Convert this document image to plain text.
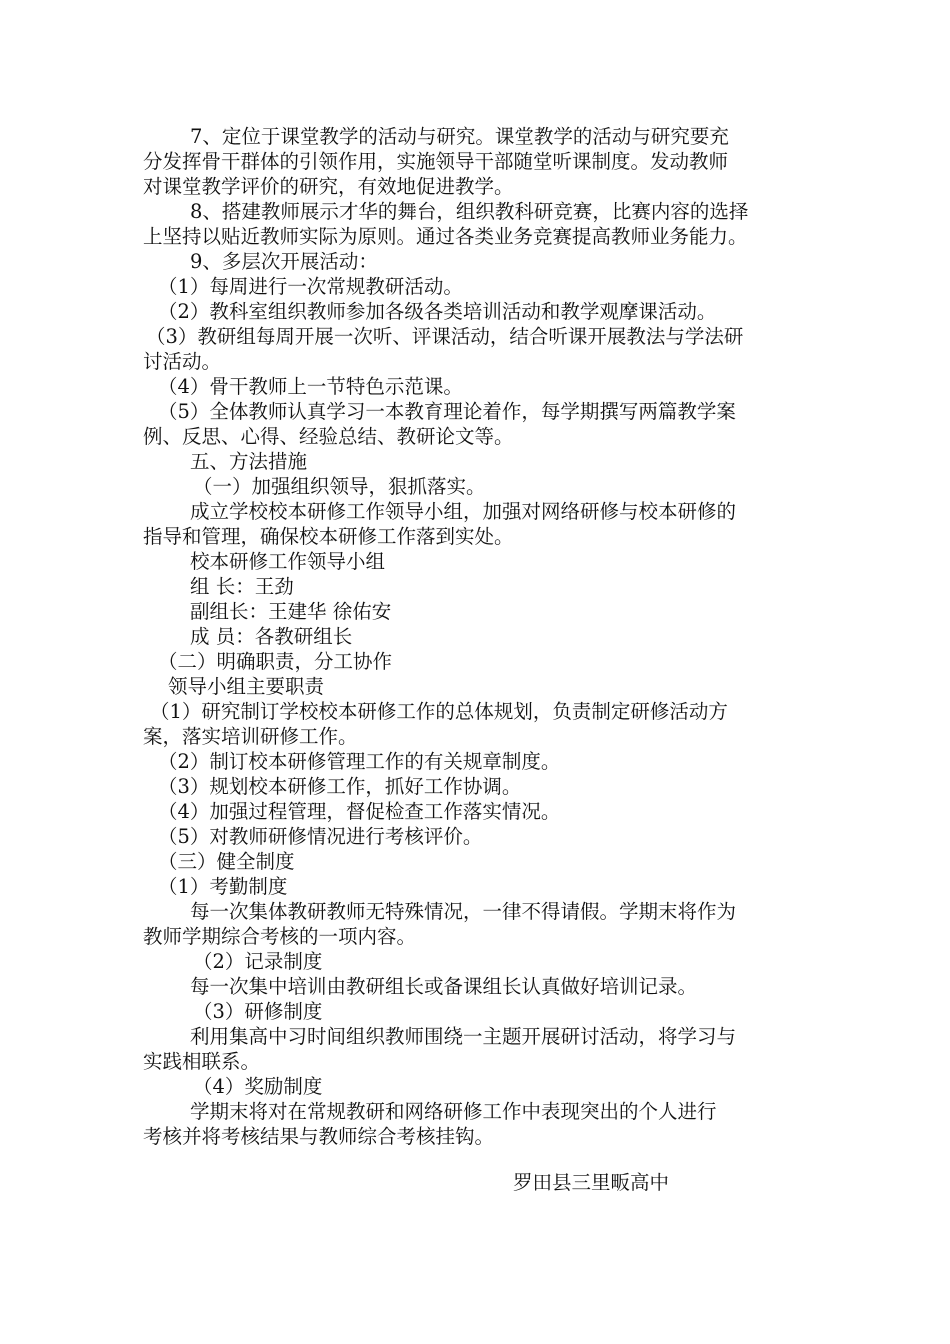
7、定位于课堂教学的活动与研究。课堂教学的活动与研究要充
分发挥骨干群体的引领作用，实施领导干部随堂听课制度。发动教师
对课堂教学评价的研究，有效地促进教学。
8、搭建教师展示才华的舞台，组织教科研竞赛，比赛内容的选择
上坚持以贴近教师实际为原则。通过各类业务竞赛提高教师业务能力。
9、多层次开展活动：
（1）每周进行一次常规教研活动。
（2）教科室组织教师参加各级各类培训活动和教学观摩课活动。
（3）教研组每周开展一次听、评课活动，结合听课开展教法与学法研
讨活动。
（4）骨干教师上一节特色示范课。
（5）全体教师认真学习一本教育理论着作，每学期撰写两篇教学案
例、反思、心得、经验总结、教研论文等。
五、方法措施
（一）加强组织领导，狠抓落实。
成立学校校本研修工作领导小组，加强对网络研修与校本研修的
指导和管理，确保校本研修工作落到实处。
校本研修工作领导小组
组 长：王劲
副组长：王建华 徐佑安
成 员：各教研组长
（二）明确职责，分工协作
领导小组主要职责
（1）研究制订学校校本研修工作的总体规划，负责制定研修活动方
案，落实培训研修工作。
（2）制订校本研修管理工作的有关规章制度。
（3）规划校本研修工作，抓好工作协调。
（4）加强过程管理，督促检查工作落实情况。
（5）对教师研修情况进行考核评价。
（三）健全制度
（1）考勤制度
每一次集体教研教师无特殊情况，一律不得请假。学期末将作为
教师学期综合考核的一项内容。
（2）记录制度
每一次集中培训由教研组长或备课组长认真做好培训记录。
（3）研修制度
利用集高中习时间组织教师围绕一主题开展研讨活动，将学习与
实践相联系。
（4）奖励制度
学期末将对在常规教研和网络研修工作中表现突出的个人进行
考核并将考核结果与教师综合考核挂钩。
罗田县三里畈高中
